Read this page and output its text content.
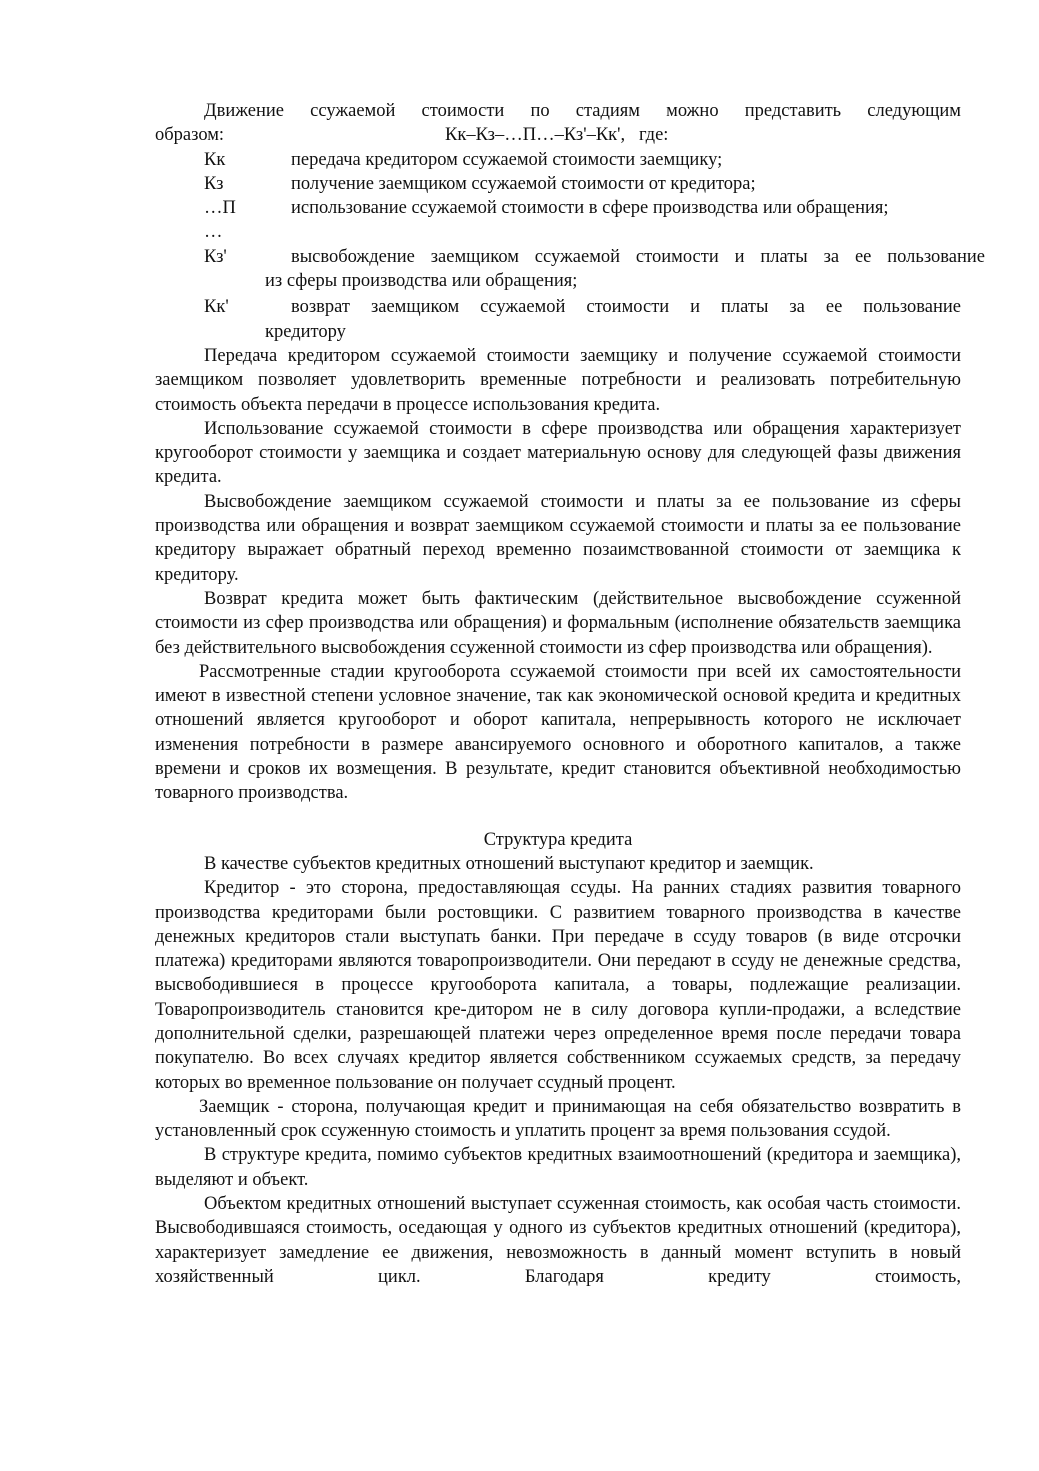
Движение ссужаемой стоимости по стадиям можно представить следующим

образом:	Кк–Кз–…П…–Кз'–Кк',   где:
Кк	передача кредитором ссужаемой стоимости заемщику;

Кз	получение заемщиком ссужаемой стоимости от кредитора;

…П	использование ссужаемой стоимости в сфере производства или обращения;

…
Кз'	высвобождение заемщиком ссужаемой стоимости и платы за ее пользование

из сферы производства или обращения;

Кк'	возврат заемщиком ссужаемой стоимости и платы за ее пользование

кредитору

Передача кредитором ссужаемой стоимости заемщику и получение ссужаемой стоимости заемщиком позволяет удовлетворить временные потребности и реализовать потребительную стоимость объекта передачи в процессе использования кредита.

Использование ссужаемой стоимости в сфере производства или обращения характеризует кругооборот стоимости у заемщика и создает материальную основу для следующей фазы движения кредита.

Высвобождение заемщиком ссужаемой стоимости и платы за ее пользование из сферы производства или обращения и возврат заемщиком ссужаемой стоимости и платы за ее пользование кредитору выражает обратный переход временно позаимствованной стоимости от заемщика к кредитору.

Возврат кредита может быть фактическим (действительное высвобождение ссуженной стоимости из сфер производства или обращения) и формальным (исполнение обязательств заемщика без действительного высвобождения ссуженной стоимости из сфер производства или обращения).

Рассмотренные стадии кругооборота ссужаемой стоимости при всей их самостоятельности имеют в известной степени условное значение, так как экономической основой кредита и кредитных отношений является кругооборот и оборот капитала, непрерывность которого не исключает изменения потребности в размере авансируемого основного и оборотного капиталов, а также времени и сроков их возмещения. В результате, кредит становится объективной необходимостью товарного производства.

Структура кредита

В качестве субъектов кредитных отношений выступают кредитор и заемщик.

Кредитор - это сторона, предоставляющая ссуды. На ранних стадиях развития товарного производства кредиторами были ростовщики. С развитием товарного производства в качестве денежных кредиторов стали выступать банки. При передаче в ссуду товаров (в виде отсрочки платежа) кредиторами являются товаропроизводители. Они передают в ссуду не денежные средства, высвободившиеся в процессе кругооборота капитала, а товары, подлежащие реализации. Товаропроизводитель становится кре-дитором не в силу договора купли-продажи, а вследствие дополнительной сделки, разрешающей платежи через определенное время после передачи товара покупателю. Во всех случаях кредитор является собственником ссужаемых средств, за передачу которых во временное пользование он получает ссудный процент.

Заемщик - сторона, получающая кредит и принимающая на себя обязательство возвратить в установленный срок ссуженную стоимость и уплатить процент за время пользования ссудой.

В структуре кредита, помимо субъектов кредитных взаимоотношений (кредитора и заемщика), выделяют и объект.

Объектом кредитных отношений выступает ссуженная стоимость, как особая часть стоимости. Высвободившаяся стоимость, оседающая у одного из субъектов кредитных отношений (кредитора), характеризует замедление ее движения, невозможность в данный момент вступить в новый хозяйственный цикл. Благодаря кредиту стоимость,
